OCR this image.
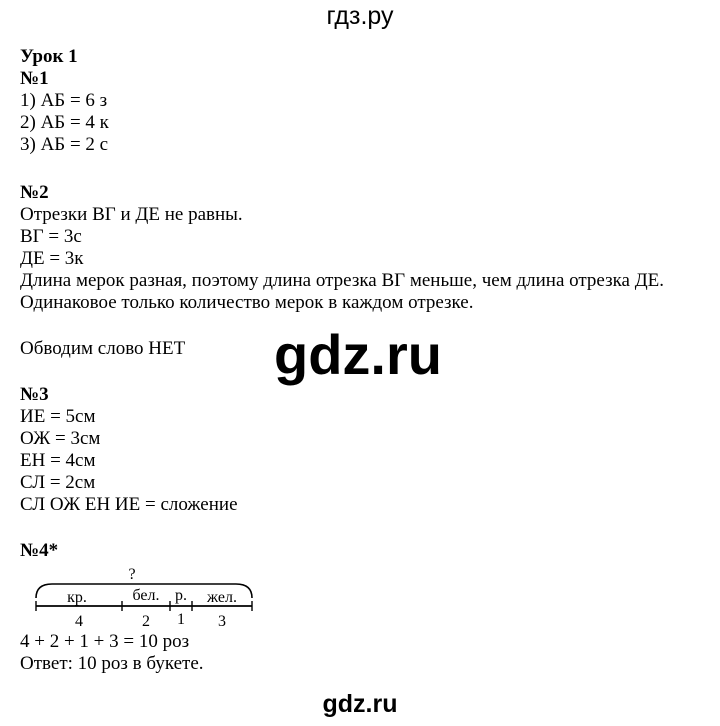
гдз.ру
Урок 1
№1
1) АБ = 6 з
2) АБ = 4 к
3) АБ = 2 с
№2
Отрезки ВГ и ДЕ не равны.
ВГ = 3с
ДЕ = 3к
Длина мерок разная, поэтому длина отрезка ВГ меньше, чем длина отрезка ДЕ.
Одинаковое только количество мерок в каждом отрезке.
Обводим слово НЕТ gdz.ru
№3
ИЕ = 5см
ОЖ = 3см
ЕН = 4см
СЛ = 2см
СЛ ОЖ ЕН ИЕ = сложение
№4*
?
кр.	бел. р. жел.
4	2 1 3
4 + 2 + 1 + 3 = 10 роз
Ответ: 10 роз в букете.
gdz.ru
